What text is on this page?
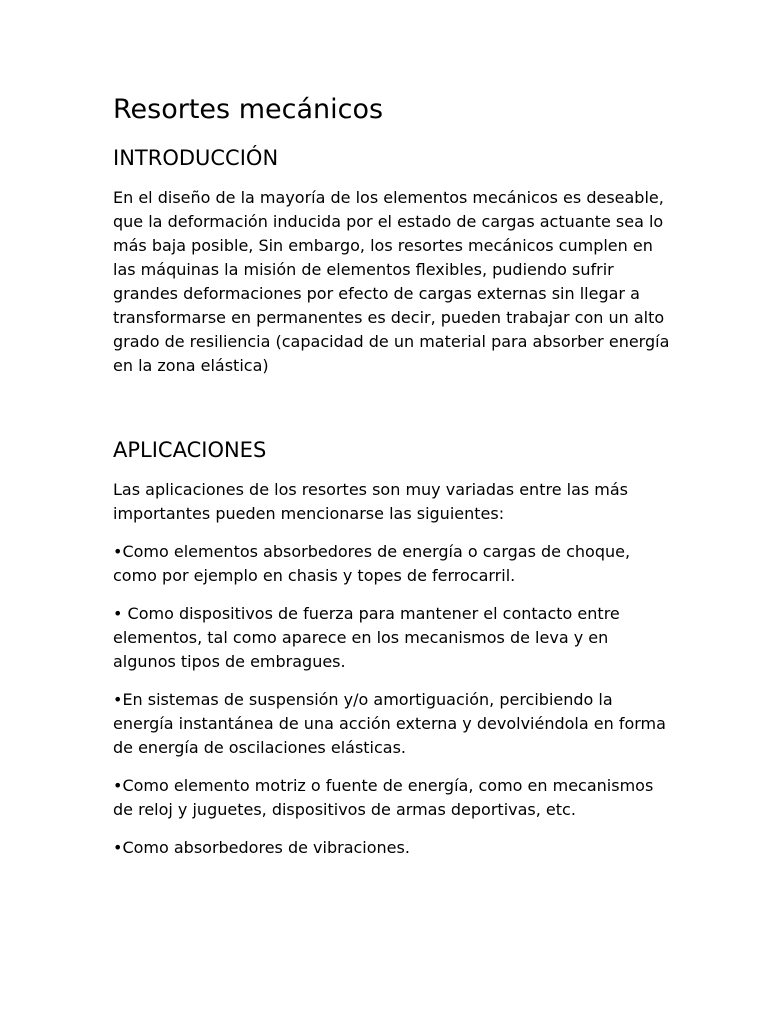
Resortes mecánicos
INTRODUCCIÓN

En el diseño de la mayoría de los elementos mecánicos es deseable, que la deformación inducida por el estado de cargas actuante sea lo más baja posible, Sin embargo, los resortes mecánicos cumplen en las máquinas la misión de elementos flexibles, pudiendo sufrir grandes deformaciones por efecto de cargas externas sin llegar a transformarse en permanentes es decir, pueden trabajar con un alto grado de resiliencia (capacidad de un material para absorber energía en la zona elástica)

APLICACIONES

Las aplicaciones de los resortes son muy variadas entre las más importantes pueden mencionarse las siguientes:

•Como elementos absorbedores de energía o cargas de choque, como por ejemplo en chasis y topes de ferrocarril.

• Como dispositivos de fuerza para mantener el contacto entre elementos, tal como aparece en los mecanismos de leva y en algunos tipos de embragues.

•En sistemas de suspensión y/o amortiguación, percibiendo la energía instantánea de una acción externa y devolviéndola en forma de energía de oscilaciones elásticas.

•Como elemento motriz o fuente de energía, como en mecanismos de reloj y juguetes, dispositivos de armas deportivas, etc.

•Como absorbedores de vibraciones.
